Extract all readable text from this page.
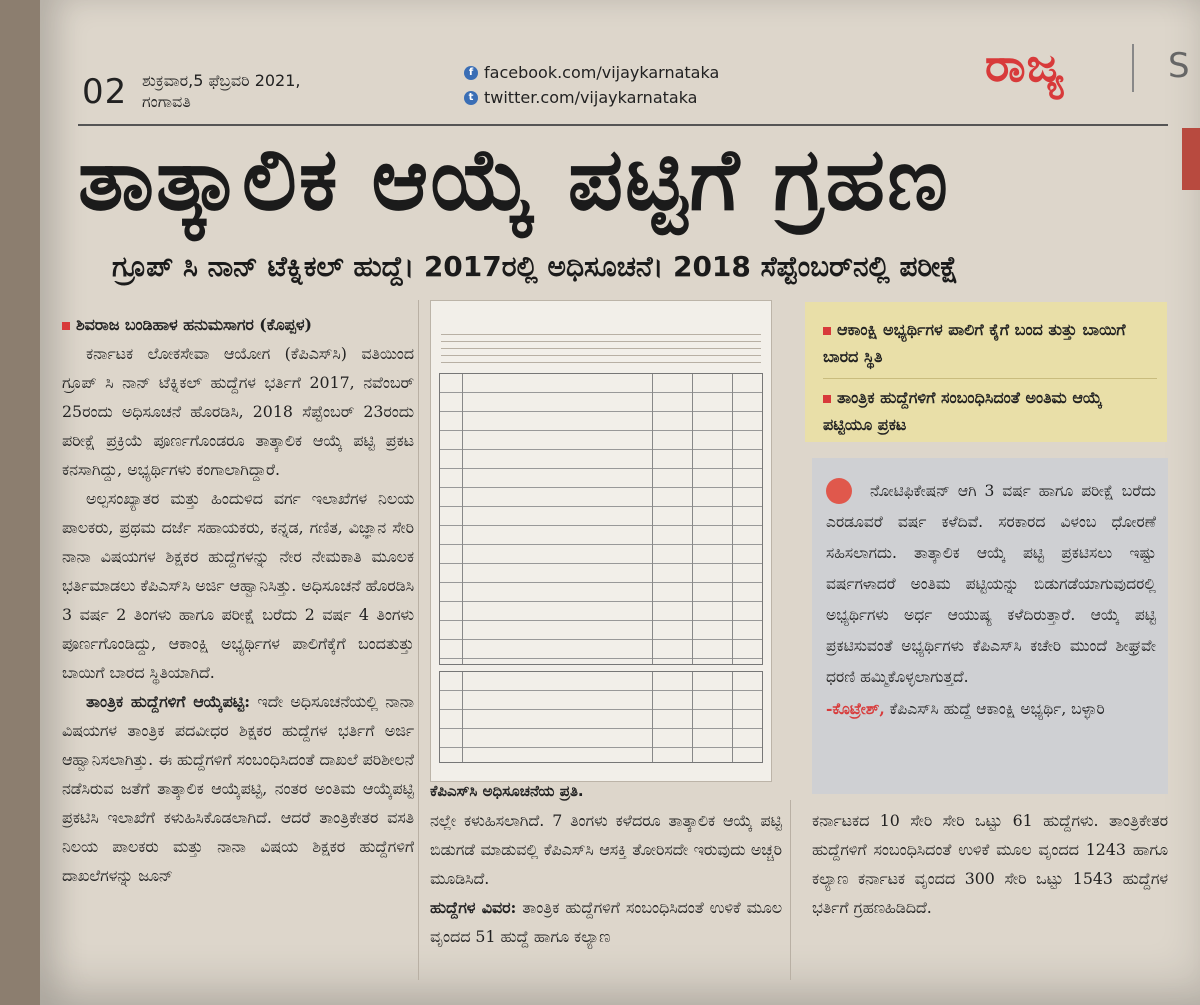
02 ಶುಕ್ರವಾರ,5 ಫೆಬ್ರವರಿ 2021,
ಗಂಗಾವತಿ
f facebook.com/vijaykarnataka
t twitter.com/vijaykarnataka
ರಾಜ್ಯ	S
ತಾತ್ಕಾಲಿಕ ಆಯ್ಕೆ ಪಟ್ಟಿಗೆ ಗ್ರಹಣ
ಗ್ರೂಪ್‌ ಸಿ ನಾನ್‌ ಟೆಕ್ನಿಕಲ್‌ ಹುದ್ದೆ। 2017ರಲ್ಲಿ ಅಧಿಸೂಚನೆ। 2018 ಸೆಪ್ಟೆಂಬರ್‌ನಲ್ಲಿ ಪರೀಕ್ಷೆ

ಶಿವರಾಜ ಬಂಡಿಹಾಳ ಹನುಮಸಾಗರ (ಕೊಪ್ಪಳ)

ಕರ್ನಾಟಕ ಲೋಕಸೇವಾ ಆಯೋಗ (ಕೆಪಿಎಸ್‌ಸಿ) ವತಿಯಿಂದ ಗ್ರೂಪ್‌ ಸಿ ನಾನ್‌ ಟೆಕ್ನಿಕಲ್‌ ಹುದ್ದೆಗಳ ಭರ್ತಿಗೆ 2017, ನವೆಂಬರ್‌ 25ರಂದು ಅಧಿಸೂಚನೆ ಹೊರಡಿಸಿ, 2018 ಸೆಪ್ಟೆಂಬರ್‌ 23ರಂದು ಪರೀಕ್ಷೆ ಪ್ರಕ್ರಿಯೆ ಪೂರ್ಣಗೊಂಡರೂ ತಾತ್ಕಾಲಿಕ ಆಯ್ಕೆ ಪಟ್ಟಿ ಪ್ರಕಟ ಕನಸಾಗಿದ್ದು, ಅಭ್ಯರ್ಥಿಗಳು ಕಂಗಾಲಾಗಿದ್ದಾರೆ.

ಅಲ್ಪಸಂಖ್ಯಾತರ ಮತ್ತು ಹಿಂದುಳಿದ ವರ್ಗ ಇಲಾಖೆಗಳ ನಿಲಯ ಪಾಲಕರು, ಪ್ರಥಮ ದರ್ಜೆ ಸಹಾಯಕರು, ಕನ್ನಡ, ಗಣಿತ, ವಿಜ್ಞಾನ ಸೇರಿ ನಾನಾ ವಿಷಯಗಳ ಶಿಕ್ಷಕರ ಹುದ್ದೆಗಳನ್ನು ನೇರ ನೇಮಕಾತಿ ಮೂಲಕ ಭರ್ತಿಮಾಡಲು ಕೆಪಿಎಸ್‌ಸಿ ಅರ್ಜಿ ಆಹ್ವಾನಿಸಿತ್ತು. ಅಧಿಸೂಚನೆ ಹೊರಡಿಸಿ 3 ವರ್ಷ 2 ತಿಂಗಳು ಹಾಗೂ ಪರೀಕ್ಷೆ ಬರೆದು 2 ವರ್ಷ 4 ತಿಂಗಳು ಪೂರ್ಣಗೊಂಡಿದ್ದು, ಆಕಾಂಕ್ಷಿ ಅಭ್ಯರ್ಥಿಗಳ ಪಾಲಿಗೆಕ್ಕೆಗೆ ಬಂದತುತ್ತು ಬಾಯಿಗೆ ಬಾರದ ಸ್ಥಿತಿಯಾಗಿದೆ.

ತಾಂತ್ರಿಕ ಹುದ್ದೆಗಳಿಗೆ ಆಯ್ಕೆಪಟ್ಟಿ: ಇದೇ ಅಧಿಸೂಚನೆಯಲ್ಲಿ ನಾನಾ ವಿಷಯಗಳ ತಾಂತ್ರಿಕ ಪದವೀಧರ ಶಿಕ್ಷಕರ ಹುದ್ದೆಗಳ ಭರ್ತಿಗೆ ಅರ್ಜಿ ಆಹ್ವಾನಿಸಲಾಗಿತ್ತು. ಈ ಹುದ್ದೆಗಳಿಗೆ ಸಂಬಂಧಿಸಿದಂತೆ ದಾಖಲೆ ಪರಿಶೀಲನೆ ನಡೆಸಿರುವ ಜತೆಗೆ ತಾತ್ಕಾಲಿಕ ಆಯ್ಕೆಪಟ್ಟಿ, ನಂತರ ಅಂತಿಮ ಆಯ್ಕೆಪಟ್ಟಿ ಪ್ರಕಟಿಸಿ ಇಲಾಖೆಗೆ ಕಳುಹಿಸಿಕೊಡಲಾಗಿದೆ. ಆದರೆ ತಾಂತ್ರಿಕೇತರ ವಸತಿ ನಿಲಯ ಪಾಲಕರು ಮತ್ತು ನಾನಾ ವಿಷಯ ಶಿಕ್ಷಕರ ಹುದ್ದೆಗಳಿಗೆ ದಾಖಲೆಗಳನ್ನು ಜೂನ್‌

ಕೆಪಿಎಸ್‌ಸಿ ಅಧಿಸೂಚನೆಯ ಪ್ರತಿ.

ನಲ್ಲೇ ಕಳುಹಿಸಲಾಗಿದೆ. 7 ತಿಂಗಳು ಕಳೆದರೂ ತಾತ್ಕಾಲಿಕ ಆಯ್ಕೆ ಪಟ್ಟಿ ಬಿಡುಗಡೆ ಮಾಡುವಲ್ಲಿ ಕೆಪಿಎಸ್‌ಸಿ ಆಸಕ್ತಿ ತೋರಿಸದೇ ಇರುವುದು ಅಚ್ಚರಿ ಮೂಡಿಸಿದೆ.

ಹುದ್ದೆಗಳ ವಿವರ: ತಾಂತ್ರಿಕ ಹುದ್ದೆಗಳಿಗೆ ಸಂಬಂಧಿಸಿದಂತೆ ಉಳಿಕೆ ಮೂಲ ವೃಂದದ 51 ಹುದ್ದೆ ಹಾಗೂ ಕಲ್ಯಾಣ

ಆಕಾಂಕ್ಷಿ ಅಭ್ಯರ್ಥಿಗಳ ಪಾಲಿಗೆ ಕೈಗೆ ಬಂದ ತುತ್ತು ಬಾಯಿಗೆ ಬಾರದ ಸ್ಥಿತಿ
ತಾಂತ್ರಿಕ ಹುದ್ದೆಗಳಿಗೆ ಸಂಬಂಧಿಸಿದಂತೆ ಅಂತಿಮ ಆಯ್ಕೆ ಪಟ್ಟಿಯೂ ಪ್ರಕಟ

ನೋಟಿಫಿಕೇಷನ್‌ ಆಗಿ 3 ವರ್ಷ ಹಾಗೂ ಪರೀಕ್ಷೆ ಬರೆದು ಎರಡೂವರೆ ವರ್ಷ ಕಳೆದಿವೆ. ಸರಕಾರದ ವಿಳಂಬ ಧೋರಣೆ ಸಹಿಸಲಾಗದು. ತಾತ್ಕಾಲಿಕ ಆಯ್ಕೆ ಪಟ್ಟಿ ಪ್ರಕಟಿಸಲು ಇಷ್ಟು ವರ್ಷಗಳಾದರೆ ಅಂತಿಮ ಪಟ್ಟಿಯನ್ನು ಬಿಡುಗಡೆಯಾಗುವುದರಲ್ಲಿ ಅಭ್ಯರ್ಥಿಗಳು ಅರ್ಧ ಆಯುಷ್ಯ ಕಳೆದಿರುತ್ತಾರೆ. ಆಯ್ಕೆ ಪಟ್ಟಿ ಪ್ರಕಟಿಸುವಂತೆ ಅಭ್ಯರ್ಥಿಗಳು ಕೆಪಿಎಸ್‌ಸಿ ಕಚೇರಿ ಮುಂದೆ ಶೀಘ್ರವೇ ಧರಣಿ ಹಮ್ಮಿಕೊಳ್ಳಲಾಗುತ್ತದೆ.

-ಕೊಟ್ರೇಶ್‌, ಕೆಪಿಎಸ್‌ಸಿ ಹುದ್ದೆ ಆಕಾಂಕ್ಷಿ ಅಭ್ಯರ್ಥಿ, ಬಳ್ಳಾರಿ

ಕರ್ನಾಟಕದ 10 ಸೇರಿ ಸೇರಿ ಒಟ್ಟು 61 ಹುದ್ದೆಗಳು. ತಾಂತ್ರಿಕೇತರ ಹುದ್ದೆಗಳಿಗೆ ಸಂಬಂಧಿಸಿದಂತೆ ಉಳಿಕೆ ಮೂಲ ವೃಂದದ 1243 ಹಾಗೂ ಕಲ್ಯಾಣ ಕರ್ನಾಟಕ ವೃಂದದ 300 ಸೇರಿ ಒಟ್ಟು 1543 ಹುದ್ದೆಗಳ ಭರ್ತಿಗೆ ಗ್ರಹಣಹಿಡಿದಿದೆ.
